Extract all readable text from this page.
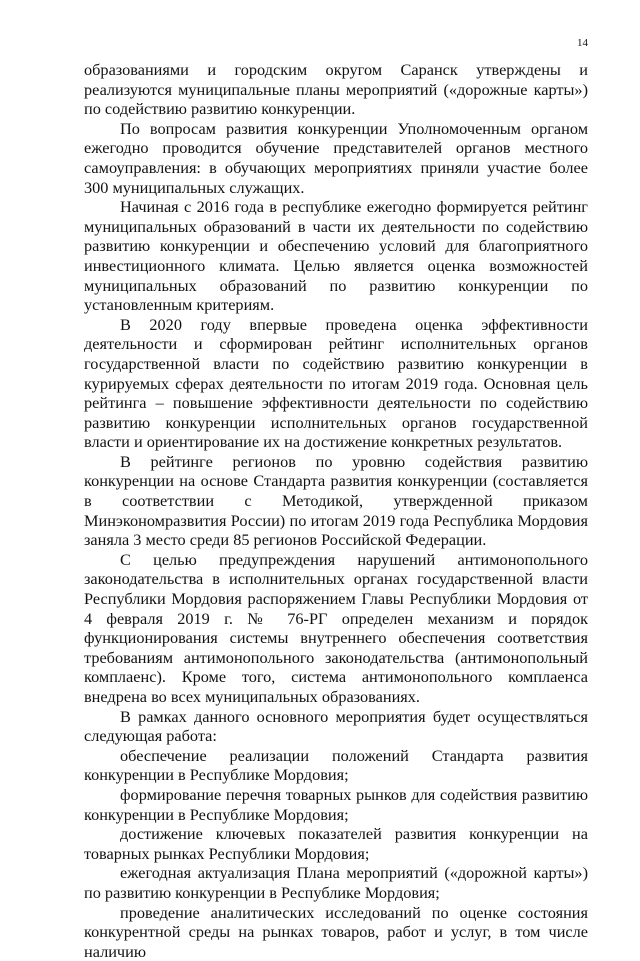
14

образованиями и городским округом Саранск утверждены и реализуются муниципальные планы мероприятий («дорожные карты») по содействию развитию конкуренции.

По вопросам развития конкуренции Уполномоченным органом ежегодно проводится обучение представителей органов местного самоуправления: в обучающих мероприятиях приняли участие более 300 муниципальных служащих.

Начиная с 2016 года в республике ежегодно формируется рейтинг муниципальных образований в части их деятельности по содействию развитию конкуренции и обеспечению условий для благоприятного инвестиционного климата. Целью является оценка возможностей муниципальных образований по развитию конкуренции по установленным критериям.

В 2020 году впервые проведена оценка эффективности деятельности и сформирован рейтинг исполнительных органов государственной власти по содействию развитию конкуренции в курируемых сферах деятельности по итогам 2019 года. Основная цель рейтинга – повышение эффективности деятельности по содействию развитию конкуренции исполнительных органов государственной власти и ориентирование их на достижение конкретных результатов.

В рейтинге регионов по уровню содействия развитию конкуренции на основе Стандарта развития конкуренции (составляется в соответствии с Методикой, утвержденной приказом Минэкономразвития России) по итогам 2019 года Республика Мордовия заняла 3 место среди 85 регионов Российской Федерации.

С целью предупреждения нарушений антимонопольного законодательства в исполнительных органах государственной власти Республики Мордовия распоряжением Главы Республики Мордовия от 4 февраля 2019 г. № 76-РГ определен механизм и порядок функционирования системы внутреннего обеспечения соответствия требованиям антимонопольного законодательства (антимонопольный комплаенс). Кроме того, система антимонопольного комплаенса внедрена во всех муниципальных образованиях.

В рамках данного основного мероприятия будет осуществляться следующая работа:

обеспечение реализации положений Стандарта развития конкуренции в Республике Мордовия;

формирование перечня товарных рынков для содействия развитию конкуренции в Республике Мордовия;

достижение ключевых показателей развития конкуренции на товарных рынках Республики Мордовия;

ежегодная актуализация Плана мероприятий («дорожной карты») по развитию конкуренции в Республике Мордовия;

проведение аналитических исследований по оценке состояния конкурентной среды на рынках товаров, работ и услуг, в том числе наличию
